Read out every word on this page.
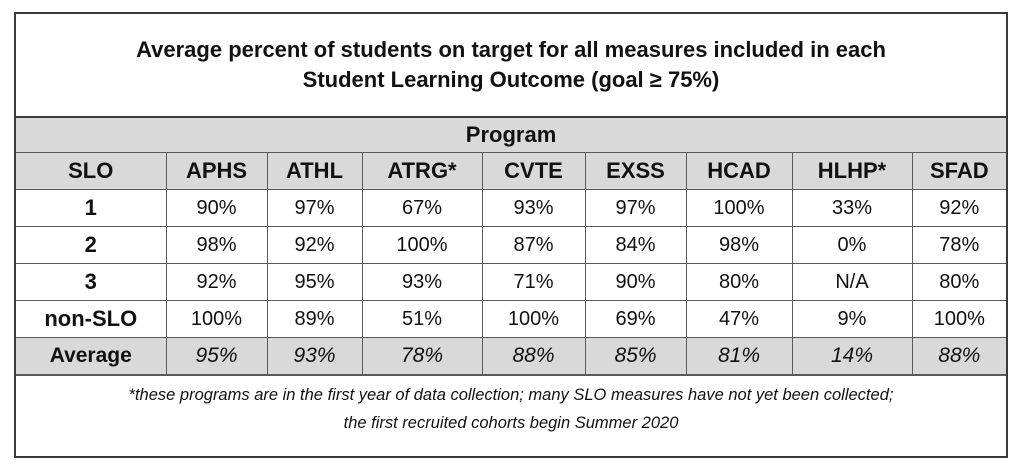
Average percent of students on target for all measures included in each
Student Learning Outcome (goal ≥ 75%)
Program								
SLO	APHS	ATHL	ATRG*	CVTE	EXSS	HCAD	HLHP*	SFAD
1	90%	97%	67%	93%	97%	100%	33%	92%
2	98%	92%	100%	87%	84%	98%	0%	78%
3	92%	95%	93%	71%	90%	80%	N/A	80%
non-SLO	100%	89%	51%	100%	69%	47%	9%	100%
Average	95%	93%	78%	88%	85%	81%	14%	88%
*these programs are in the first year of data collection; many SLO measures have not yet been collected;
the first recruited cohorts begin Summer 2020
